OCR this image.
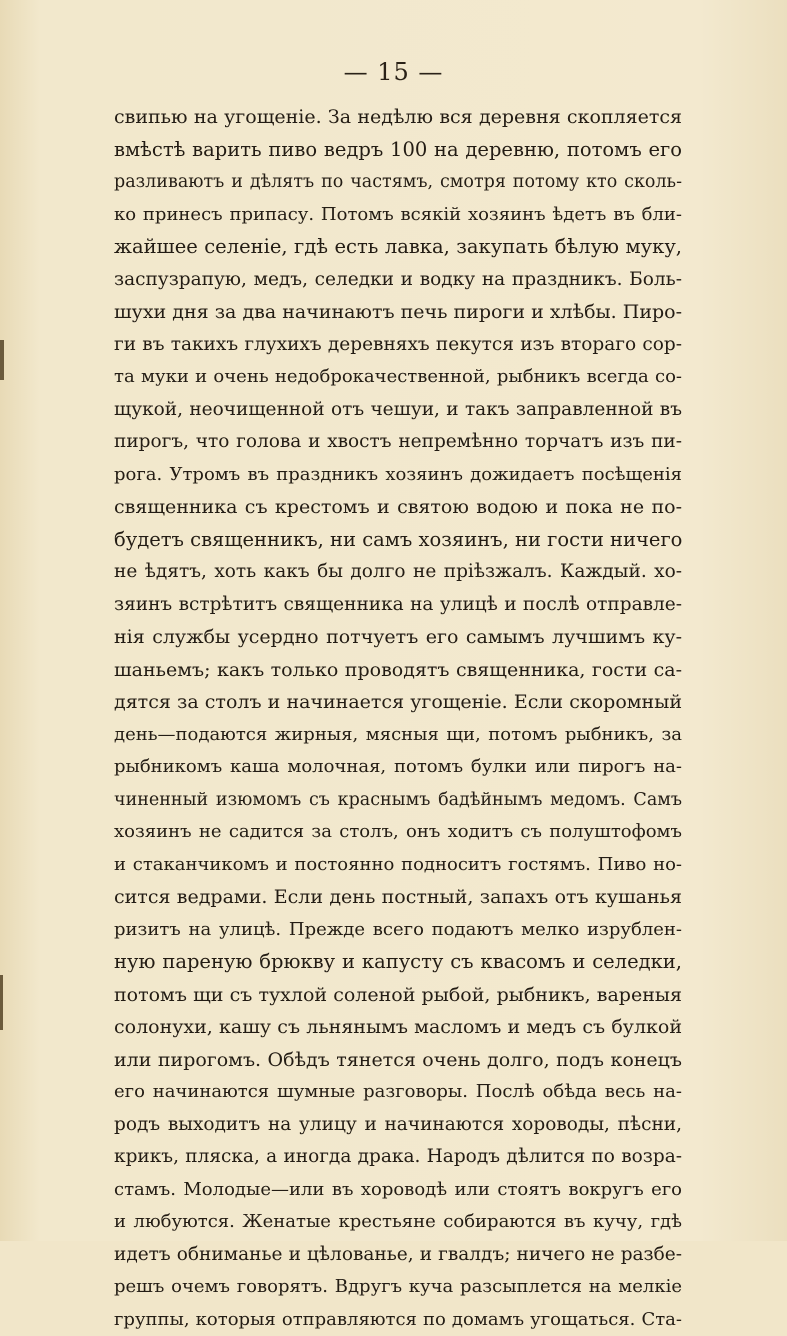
— 15 —
свипью на угощеніе. За недѣлю вся деревня скопляется
вмѣстѣ варить пиво ведръ 100 на деревню, потомъ его
разливаютъ и дѣлятъ по частямъ, смотря потому кто сколь-
ко принесъ припасу. Потомъ всякій хозяинъ ѣдетъ въ бли-
жайшее селеніе, гдѣ есть лавка, закупать бѣлую муку,
заспузрапую, медъ, селедки и водку на праздникъ. Боль-
шухи дня за два начинаютъ печь пироги и хлѣбы. Пиро-
ги въ такихъ глухихъ деревняхъ пекутся изъ втораго сор-
та муки и очень недоброкачественной, рыбникъ всегда со-
щукой, неочищенной отъ чешуи, и такъ заправленной въ
пирогъ, что голова и хвостъ непремѣнно торчатъ изъ пи-
рога. Утромъ въ праздникъ хозяинъ дожидаетъ посѣщенія
священника съ крестомъ и святою водою и пока не по-
будетъ священникъ, ни самъ хозяинъ, ни гости ничего
не ѣдятъ, хоть какъ бы долго не пріѣзжалъ. Каждый. хо-
зяинъ встрѣтитъ священника на улицѣ и послѣ отправле-
нія службы усердно потчуетъ его самымъ лучшимъ ку-
шаньемъ; какъ только проводятъ священника, гости са-
дятся за столъ и начинается угощеніе. Если скоромный
день—подаются жирныя, мясныя щи, потомъ рыбникъ, за
рыбникомъ каша молочная, потомъ булки или пирогъ на-
чиненный изюмомъ съ краснымъ бадѣйнымъ медомъ. Самъ
хозяинъ не садится за столъ, онъ ходитъ съ полуштофомъ
и стаканчикомъ и постоянно подноситъ гостямъ. Пиво но-
сится ведрами. Если день постный, запахъ отъ кушанья
ризитъ на улицѣ. Прежде всего подаютъ мелко изрублен-
ную пареную брюкву и капусту съ квасомъ и селедки,
потомъ щи съ тухлой соленой рыбой, рыбникъ, вареныя
солонухи, кашу съ льнянымъ масломъ и медъ съ булкой
или пирогомъ. Обѣдъ тянется очень долго, подъ конецъ
его начинаются шумные разговоры. Послѣ обѣда весь на-
родъ выходитъ на улицу и начинаются хороводы, пѣсни,
крикъ, пляска, а иногда драка. Народъ дѣлится по возра-
стамъ. Молодые—или въ хороводѣ или стоятъ вокругъ его
и любуются. Женатые крестьяне собираются въ кучу, гдѣ
идетъ обниманье и цѣлованье, и гвалдъ; ничего не разбе-
решъ очемъ говорятъ. Вдругъ куча разсыплется на мелкіе
группы, которыя отправляются по домамъ угощаться. Ста-
